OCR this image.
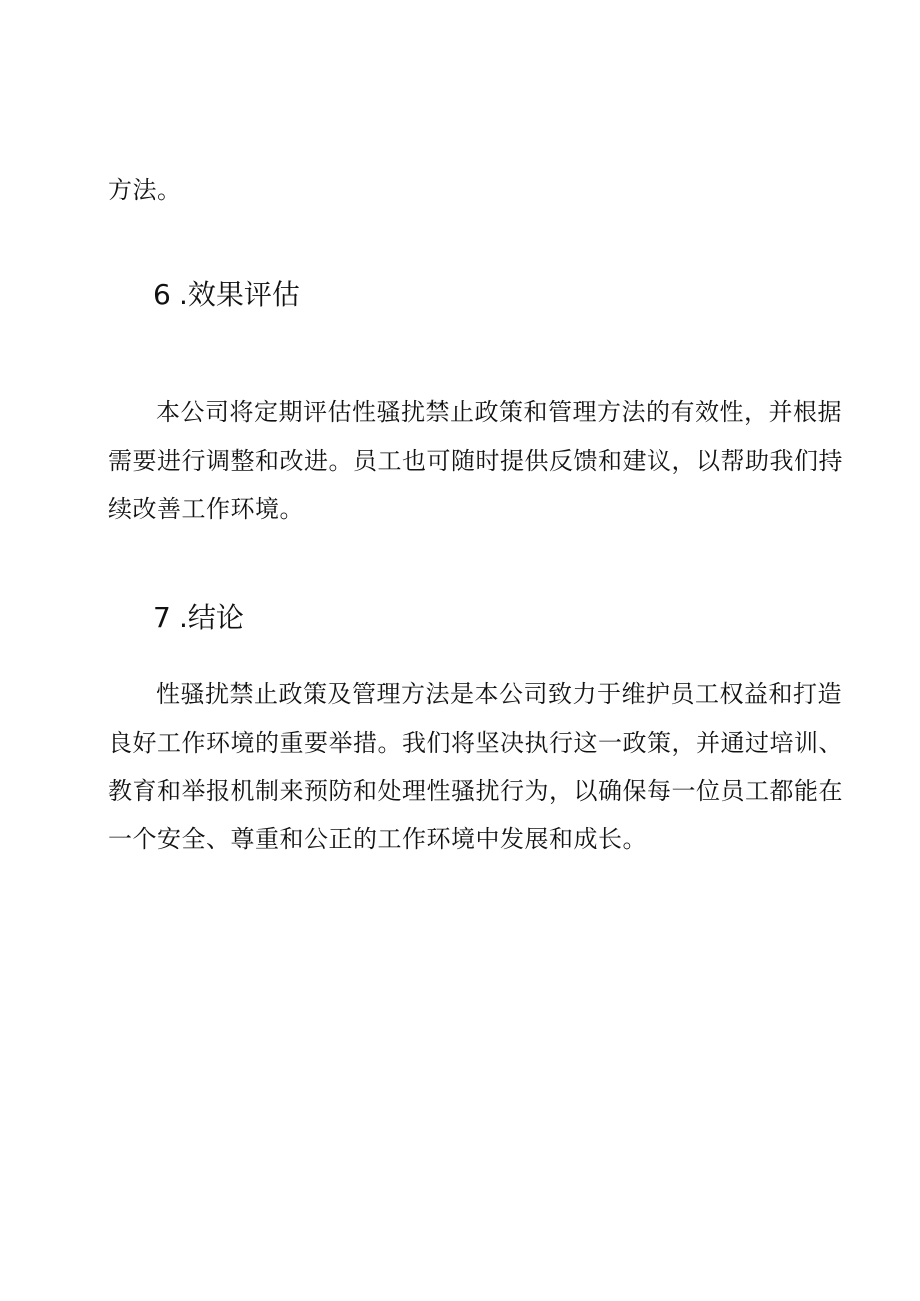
方法。
6 .效果评估
本公司将定期评估性骚扰禁止政策和管理方法的有效性，并根据
需要进行调整和改进。员工也可随时提供反馈和建议，以帮助我们持
续改善工作环境。
7 .结论
性骚扰禁止政策及管理方法是本公司致力于维护员工权益和打造
良好工作环境的重要举措。我们将坚决执行这一政策，并通过培训、
教育和举报机制来预防和处理性骚扰行为，以确保每一位员工都能在
一个安全、尊重和公正的工作环境中发展和成长。
